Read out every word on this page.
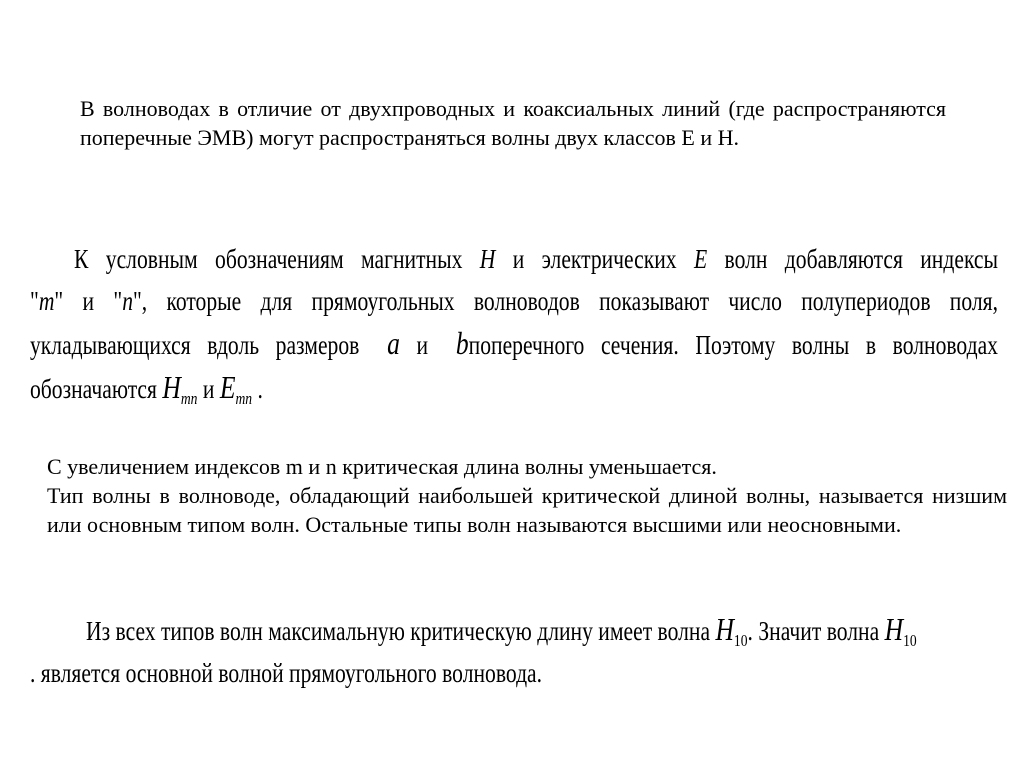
В волноводах в отличие от двухпроводных и коаксиальных линий (где распространяются поперечные ЭМВ) могут распространяться волны двух классов Е и Н.
К условным обозначениям магнитных H и электрических E волн добавляются индексы
"m" и "n", которые для прямоугольных волноводов показывают число полупериодов поля,
укладывающихся вдоль размеров a и bпоперечного сечения. Поэтому волны в волноводах
обозначаются $H_{mn}$ и $E_{mn}$ .
С увеличением индексов m и n критическая длина волны уменьшается.
Тип волны в волноводе, обладающий наибольшей критической длиной волны, называется низшим или основным типом волн. Остальные типы волн называются высшими или неосновными.
Из всех типов волн максимальную критическую длину имеет волна $H_{10}$. Значит волна $H_{10}$
. является основной волной прямоугольного волновода.
